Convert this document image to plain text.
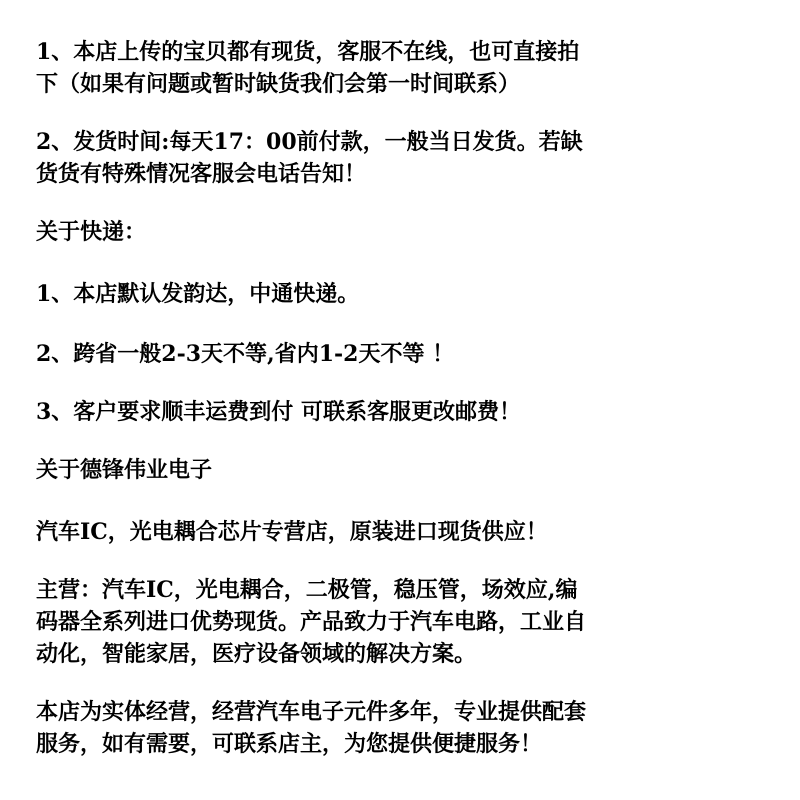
1、本店上传的宝贝都有现货，客服不在线，也可直接拍
下（如果有问题或暂时缺货我们会第一时间联系）
2、发货时间:每天17：00前付款，一般当日发货。若缺
货货有特殊情况客服会电话告知！
关于快递：
1、本店默认发韵达，中通快递。
2、跨省一般2-3天不等,省内1-2天不等 ！
3、客户要求顺丰运费到付 可联系客服更改邮费！
关于德锋伟业电子
汽车IC，光电耦合芯片专营店，原装进口现货供应！
主营：汽车IC，光电耦合，二极管，稳压管，场效应,编
码器全系列进口优势现货。产品致力于汽车电路，工业自
动化，智能家居，医疗设备领域的解决方案。
本店为实体经营，经营汽车电子元件多年，专业提供配套
服务，如有需要，可联系店主，为您提供便捷服务！
